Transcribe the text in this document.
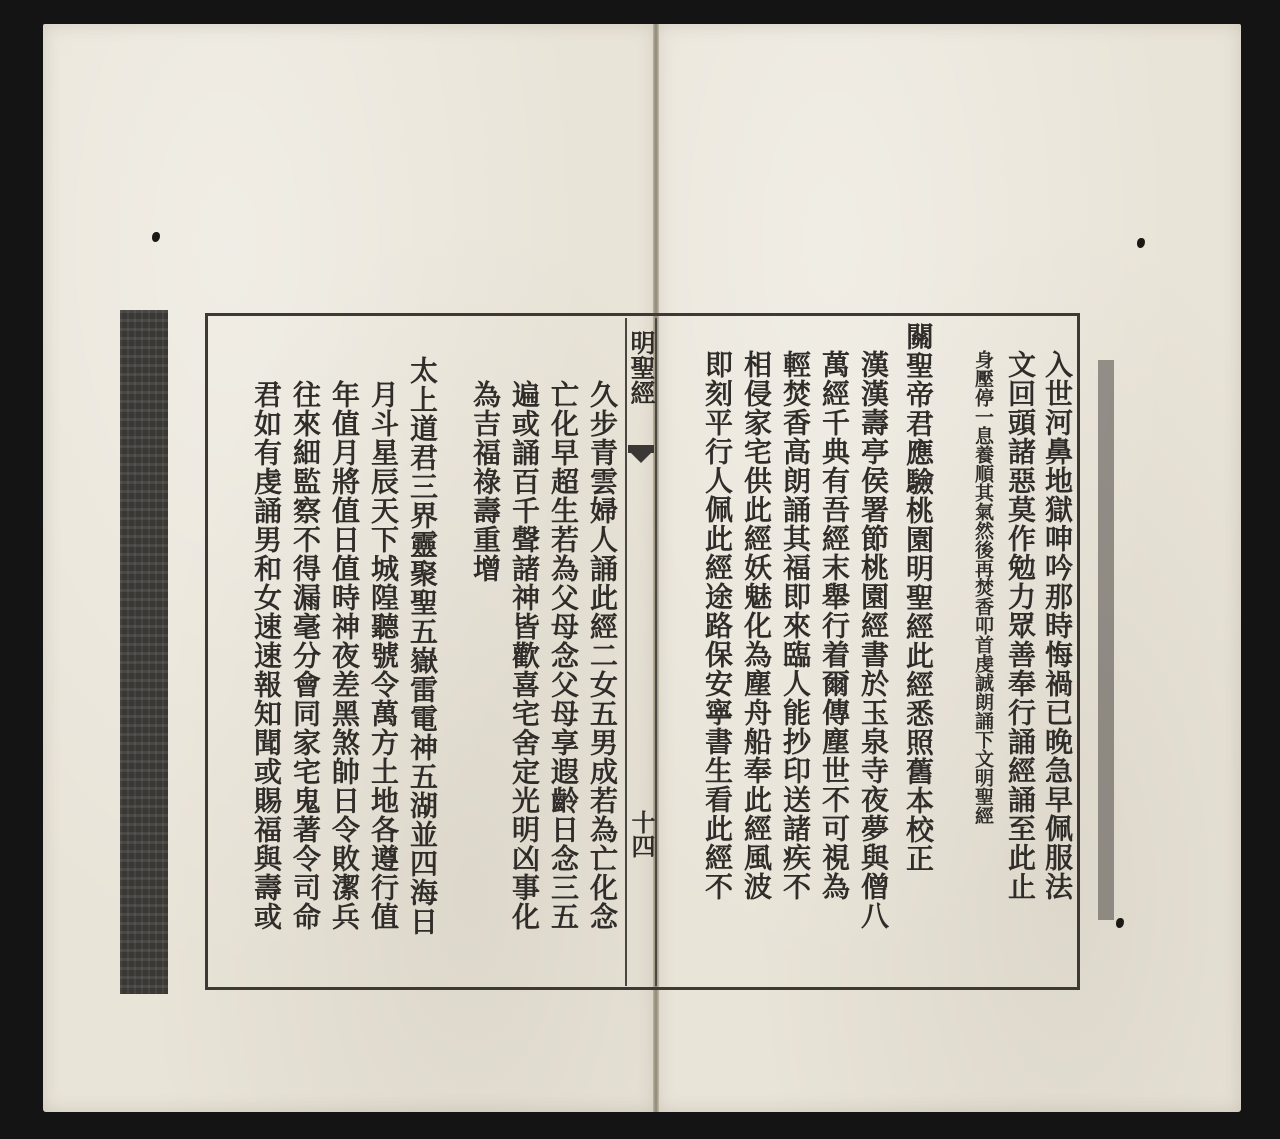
明聖經
十四	入世河鼻地獄呻吟那時悔禍已晚急早佩服法
文回頭諸惡莫作勉力眾善奉行誦經誦至此止
身壓停一息養順其氣然後再焚香叩首虔誠朗誦下文明聖經
關聖帝君應驗桃園明聖經此經悉照舊本校正
漢漢壽亭侯署節桃園經書於玉泉寺夜夢與僧八
萬經千典有吾經末舉行着爾傳塵世不可視為
輕焚香高朗誦其福即來臨人能抄印送諸疾不
相侵家宅供此經妖魅化為塵舟船奉此經風波
即刻平行人佩此經途路保安寧書生看此經不
久步青雲婦人誦此經二女五男成若為亡化念
亡化早超生若為父母念父母享遐齡日念三五
遍或誦百千聲諸神皆歡喜宅舍定光明凶事化
為吉福祿壽重增
太上道君三界靈聚聖五嶽雷電神五湖並四海日
月斗星辰天下城隍聽號令萬方土地各遵行值
年值月將值日值時神夜差黑煞帥日令敗潔兵
往來細監察不得漏毫分會同家宅鬼著令司命
君如有虔誦男和女速速報知聞或賜福與壽或
